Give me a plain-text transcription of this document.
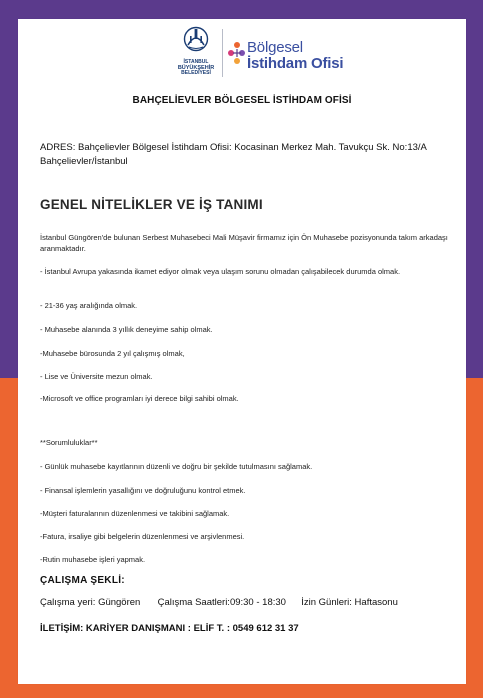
İSTANBUL
BÜYÜKŞEHİR
BELEDİYESİ
Bölgesel
İstihdam Ofisi
BAHÇELİEVLER BÖLGESEL İSTİHDAM OFİSİ
ADRES: Bahçelievler Bölgesel İstihdam Ofisi: Kocasinan Merkez Mah. Tavukçu Sk. No:13/A Bahçelievler/İstanbul
GENEL NİTELİKLER VE İŞ TANIMI
İstanbul Güngören'de bulunan Serbest Muhasebeci Mali Müşavir firmamız için Ön Muhasebe pozisyonunda takım arkadaşı aranmaktadır.
- İstanbul Avrupa yakasında ikamet ediyor olmak veya ulaşım sorunu olmadan çalışabilecek durumda olmak.
- 21-36 yaş aralığında olmak.
- Muhasebe alanında 3 yıllık deneyime sahip olmak.
-Muhasebe bürosunda 2 yıl çalışmış olmak,
- Lise ve Üniversite mezun olmak.
-Microsoft ve office programları iyi derece bilgi sahibi olmak.
**Sorumluluklar**
- Günlük muhasebe kayıtlarının düzenli ve doğru bir şekilde tutulmasını sağlamak.
- Finansal işlemlerin yasallığını ve doğruluğunu kontrol etmek.
-Müşteri faturalarının düzenlenmesi ve takibini sağlamak.
-Fatura, irsaliye gibi belgelerin düzenlenmesi ve arşivlenmesi.
-Rutin muhasebe işleri yapmak.
ÇALIŞMA ŞEKLİ:
Çalışma yeri: Güngören Çalışma Saatleri:09:30 - 18:30 İzin Günleri: Haftasonu
İLETİŞİM: KARİYER DANIŞMANI : ELİF T. : 0549 612 31 37
